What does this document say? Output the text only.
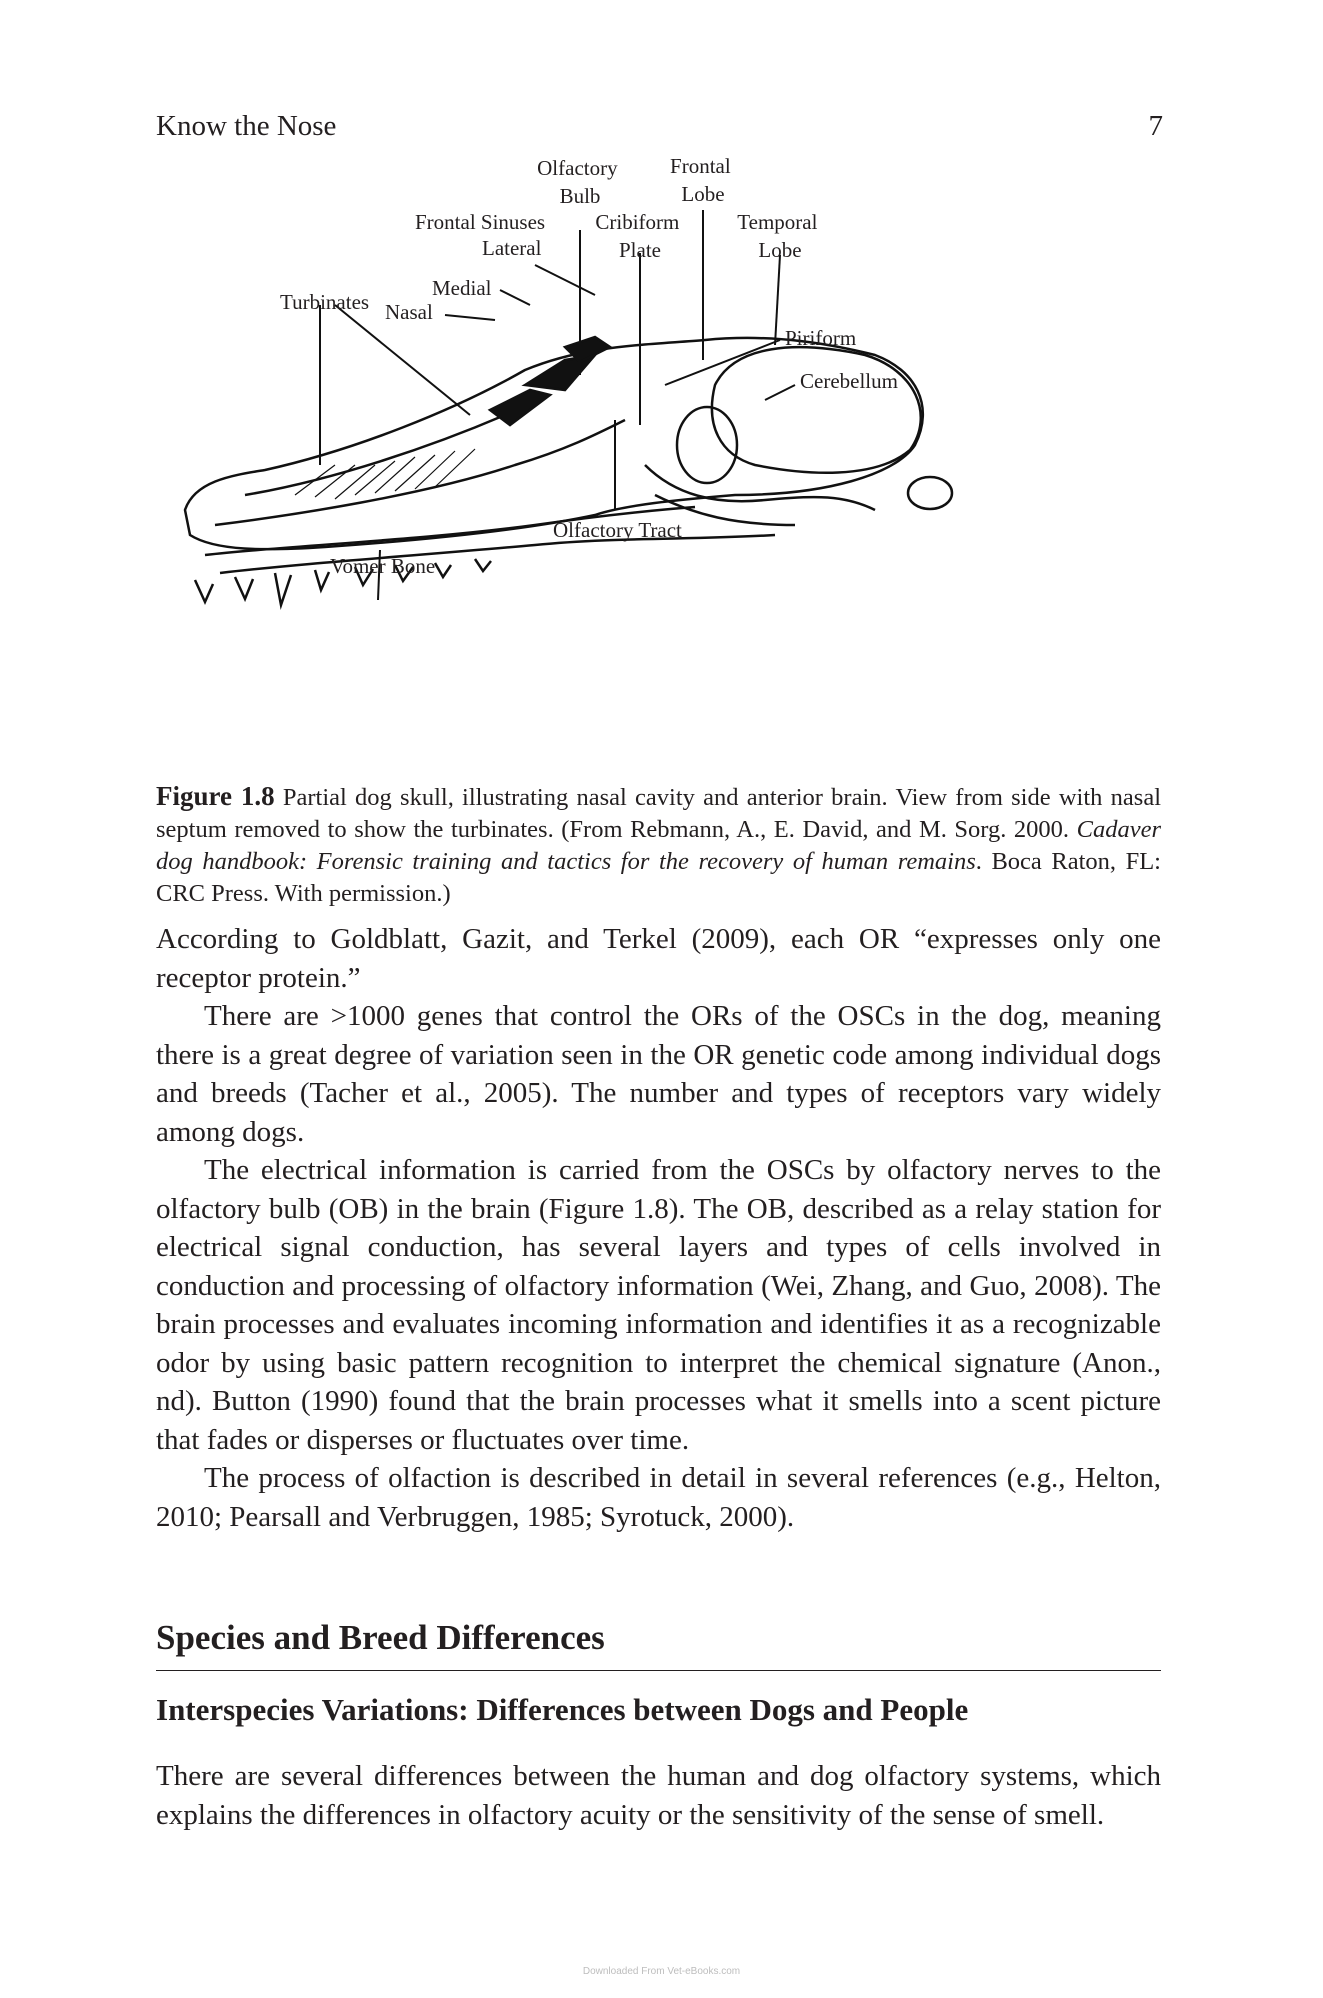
Know the Nose	7
Olfactory Bulb
Frontal Lobe
Frontal Sinuses
Lateral
Cribiform Plate
Temporal Lobe
Medial
Turbinates Nasal
Piriform
Cerebellum
Olfactory Tract
Vomer Bone
Figure 1.8 Partial dog skull, illustrating nasal cavity and anterior brain. View from side with nasal septum removed to show the turbinates. (From Rebmann, A., E. David, and M. Sorg. 2000. Cadaver dog handbook: Forensic training and tactics for the recovery of human remains. Boca Raton, FL: CRC Press. With permission.)

According to Goldblatt, Gazit, and Terkel (2009), each OR “expresses only one receptor protein.”

There are >1000 genes that control the ORs of the OSCs in the dog, meaning there is a great degree of variation seen in the OR genetic code among individual dogs and breeds (Tacher et al., 2005). The number and types of receptors vary widely among dogs.

The electrical information is carried from the OSCs by olfactory nerves to the olfactory bulb (OB) in the brain (Figure 1.8). The OB, described as a relay station for electrical signal conduction, has several layers and types of cells involved in conduction and processing of olfactory information (Wei, Zhang, and Guo, 2008). The brain processes and evaluates incoming information and identifies it as a recognizable odor by using basic pattern recognition to interpret the chemical signature (Anon., nd). Button (1990) found that the brain processes what it smells into a scent picture that fades or disperses or fluctuates over time.

The process of olfaction is described in detail in several references (e.g., Helton, 2010; Pearsall and Verbruggen, 1985; Syrotuck, 2000).

Species and Breed Differences
Interspecies Variations: Differences between Dogs and People

There are several differences between the human and dog olfactory systems, which explains the differences in olfactory acuity or the sensitivity of the sense of smell.

Downloaded From Vet-eBooks.com
